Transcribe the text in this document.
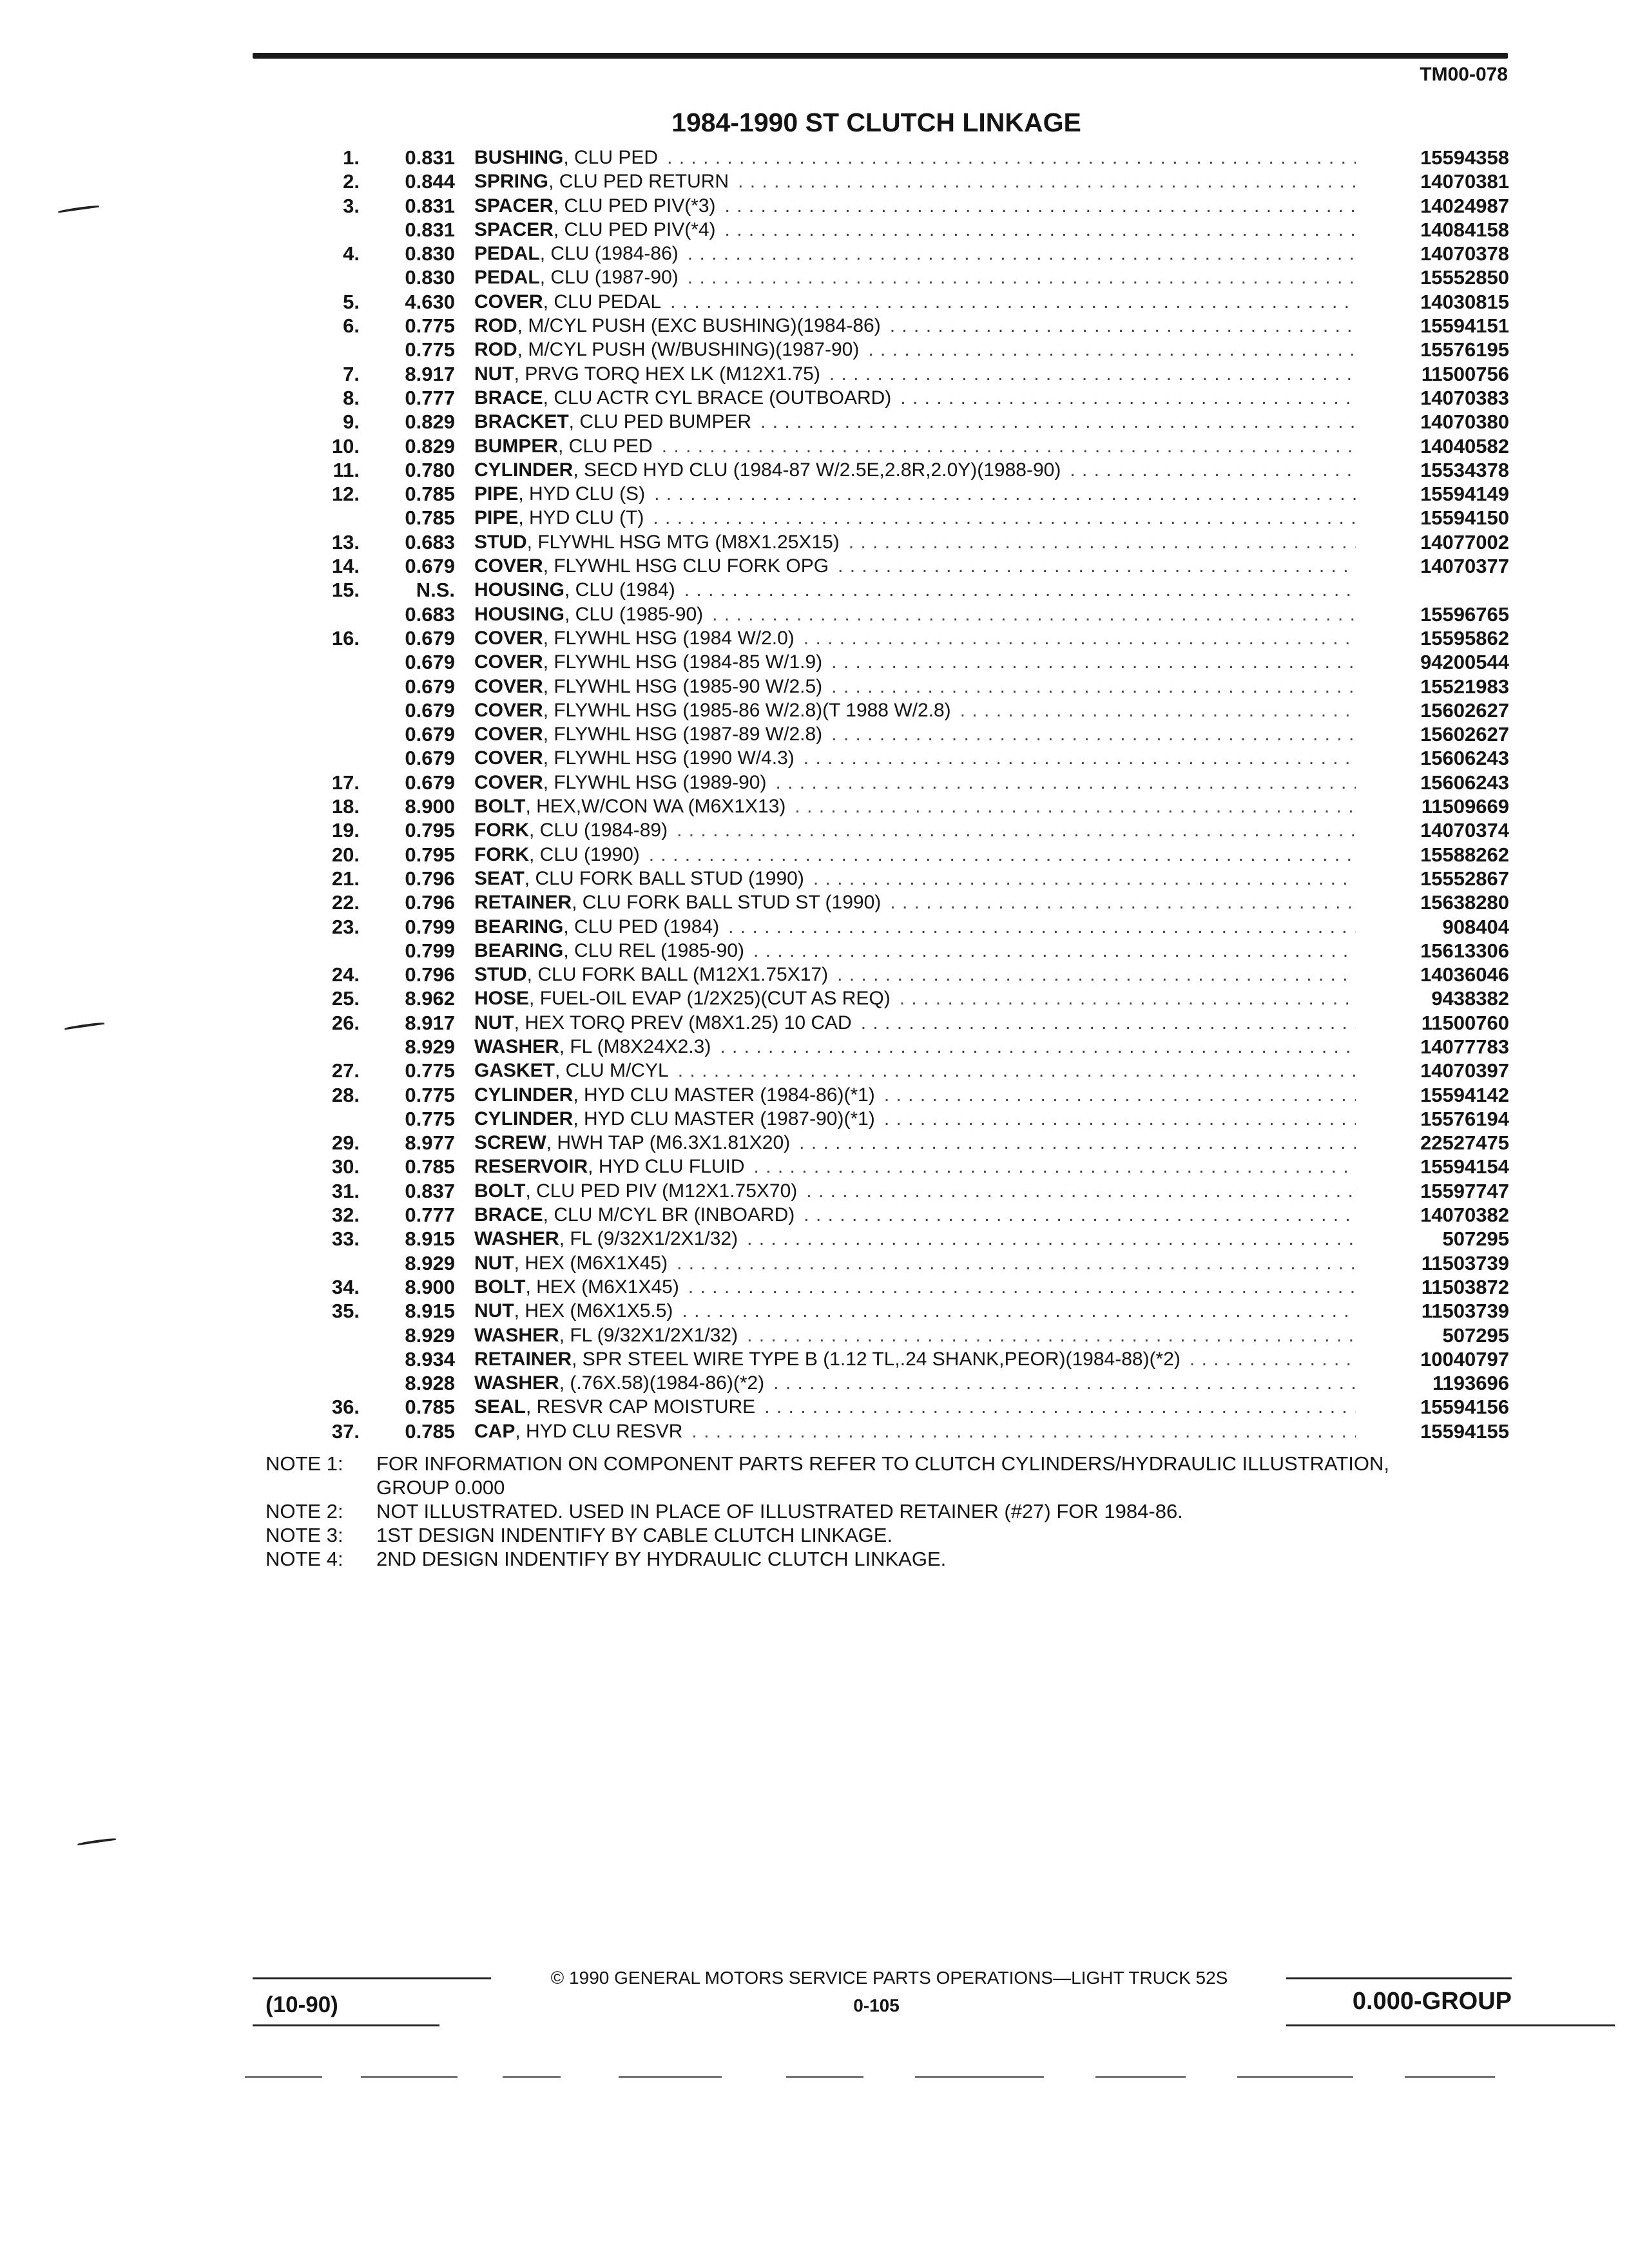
TM00-078
1984-1990 ST CLUTCH LINKAGE
1.	0.831 BUSHING, CLU PED . . .	15594358
2.	0.844 SPRING, CLU PED RETURN . . .	14070381
3.	0.831 SPACER, CLU PED PIV(*3) . . .	14024987
0.831 SPACER, CLU PED PIV(*4) . . .	14084158
4.	0.830 PEDAL, CLU (1984-86) . . .	14070378
0.830 PEDAL, CLU (1987-90) . . .	15552850
5.	4.630 COVER, CLU PEDAL . . .	14030815
6.	0.775 ROD, M/CYL PUSH (EXC BUSHING)(1984-86) . . .	15594151
0.775 ROD, M/CYL PUSH (W/BUSHING)(1987-90) . . .	15576195
7.	8.917 NUT, PRVG TORQ HEX LK (M12X1.75) . . .	11500756
8.	0.777 BRACE, CLU ACTR CYL BRACE (OUTBOARD) . . .	14070383
9.	0.829 BRACKET, CLU PED BUMPER . . .	14070380
10.	0.829 BUMPER, CLU PED . . .	14040582
11.	0.780 CYLINDER, SECD HYD CLU (1984-87 W/2.5E,2.8R,2.0Y)(1988-90) . . .	15534378
12.	0.785 PIPE, HYD CLU (S) . . .	15594149
0.785 PIPE, HYD CLU (T) . . .	15594150
13.	0.683 STUD, FLYWHL HSG MTG (M8X1.25X15) . . .	14077002
14.	0.679 COVER, FLYWHL HSG CLU FORK OPG . . .	14070377
15.	N.S. HOUSING, CLU (1984) . . .
0.683 HOUSING, CLU (1985-90) . . .	15596765
16.	0.679 COVER, FLYWHL HSG (1984 W/2.0) . . .	15595862
0.679 COVER, FLYWHL HSG (1984-85 W/1.9) . . .	94200544
0.679 COVER, FLYWHL HSG (1985-90 W/2.5) . . .	15521983
0.679 COVER, FLYWHL HSG (1985-86 W/2.8)(T 1988 W/2.8) . . .	15602627
0.679 COVER, FLYWHL HSG (1987-89 W/2.8) . . .	15602627
0.679 COVER, FLYWHL HSG (1990 W/4.3) . . .	15606243
17.	0.679 COVER, FLYWHL HSG (1989-90) . . .	15606243
18.	8.900 BOLT, HEX,W/CON WA (M6X1X13) . . .	11509669
19.	0.795 FORK, CLU (1984-89) . . .	14070374
20.	0.795 FORK, CLU (1990) . . .	15588262
21.	0.796 SEAT, CLU FORK BALL STUD (1990) . . .	15552867
22.	0.796 RETAINER, CLU FORK BALL STUD ST (1990) . . .	15638280
23.	0.799 BEARING, CLU PED (1984) . . .	908404
0.799 BEARING, CLU REL (1985-90) . . .	15613306
24.	0.796 STUD, CLU FORK BALL (M12X1.75X17) . . .	14036046
25.	8.962 HOSE, FUEL-OIL EVAP (1/2X25)(CUT AS REQ) . . .	9438382
26.	8.917 NUT, HEX TORQ PREV (M8X1.25) 10 CAD . . .	11500760
8.929 WASHER, FL (M8X24X2.3) . . .	14077783
27.	0.775 GASKET, CLU M/CYL . . .	14070397
28.	0.775 CYLINDER, HYD CLU MASTER (1984-86)(*1) . . .	15594142
0.775 CYLINDER, HYD CLU MASTER (1987-90)(*1) . . .	15576194
29.	8.977 SCREW, HWH TAP (M6.3X1.81X20) . . .	22527475
30.	0.785 RESERVOIR, HYD CLU FLUID . . .	15594154
31.	0.837 BOLT, CLU PED PIV (M12X1.75X70) . . .	15597747
32.	0.777 BRACE, CLU M/CYL BR (INBOARD) . . .	14070382
33.	8.915 WASHER, FL (9/32X1/2X1/32) . . .	507295
8.929 NUT, HEX (M6X1X45) . . .	11503739
34.	8.900 BOLT, HEX (M6X1X45) . . .	11503872
35.	8.915 NUT, HEX (M6X1X5.5) . . .	11503739
8.929 WASHER, FL (9/32X1/2X1/32) . . .	507295
8.934 RETAINER, SPR STEEL WIRE TYPE B (1.12 TL,.24 SHANK,PEOR)(1984-88)(*2) . . .	10040797
8.928 WASHER, (.76X.58)(1984-86)(*2) . . .	1193696
36.	0.785 SEAL, RESVR CAP MOISTURE . . .	15594156
37.	0.785 CAP, HYD CLU RESVR . . .	15594155
NOTE 1:	FOR INFORMATION ON COMPONENT PARTS REFER TO CLUTCH CYLINDERS/HYDRAULIC ILLUSTRATION, GROUP 0.000
NOTE 2:	NOT ILLUSTRATED. USED IN PLACE OF ILLUSTRATED RETAINER (#27) FOR 1984-86.
NOTE 3:	1ST DESIGN INDENTIFY BY CABLE CLUTCH LINKAGE.
NOTE 4:	2ND DESIGN INDENTIFY BY HYDRAULIC CLUTCH LINKAGE.
© 1990 GENERAL MOTORS SERVICE PARTS OPERATIONS—LIGHT TRUCK 52S
(10-90)	0-105	0.000-GROUP
